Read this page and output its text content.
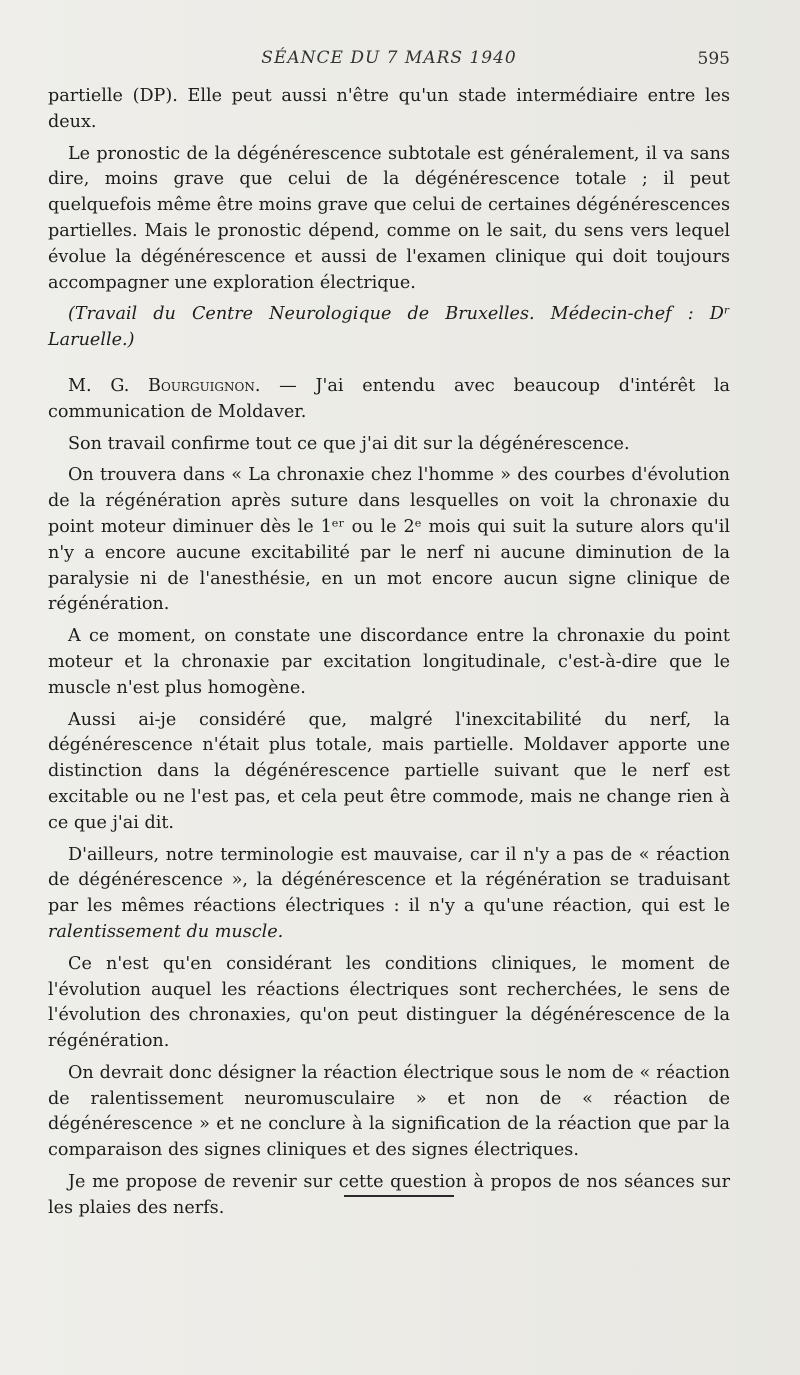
SÉANCE DU 7 MARS 1940	595

partielle (DP). Elle peut aussi n'être qu'un stade intermédiaire entre les deux.

Le pronostic de la dégénérescence subtotale est généralement, il va sans dire, moins grave que celui de la dégénérescence totale ; il peut quelquefois même être moins grave que celui de certaines dégénérescences partielles. Mais le pronostic dépend, comme on le sait, du sens vers lequel évolue la dégénérescence et aussi de l'examen clinique qui doit toujours accompagner une exploration électrique.

(Travail du Centre Neurologique de Bruxelles. Médecin-chef : Dʳ Laruelle.)

M. G. Bourguignon. — J'ai entendu avec beaucoup d'intérêt la communication de Moldaver.

Son travail confirme tout ce que j'ai dit sur la dégénérescence.

On trouvera dans « La chronaxie chez l'homme » des courbes d'évolution de la régénération après suture dans lesquelles on voit la chronaxie du point moteur diminuer dès le 1ᵉʳ ou le 2ᵉ mois qui suit la suture alors qu'il n'y a encore aucune excitabilité par le nerf ni aucune diminution de la paralysie ni de l'anesthésie, en un mot encore aucun signe clinique de régénération.

A ce moment, on constate une discordance entre la chronaxie du point moteur et la chronaxie par excitation longitudinale, c'est-à-dire que le muscle n'est plus homogène.

Aussi ai-je considéré que, malgré l'inexcitabilité du nerf, la dégénérescence n'était plus totale, mais partielle. Moldaver apporte une distinction dans la dégénérescence partielle suivant que le nerf est excitable ou ne l'est pas, et cela peut être commode, mais ne change rien à ce que j'ai dit.

D'ailleurs, notre terminologie est mauvaise, car il n'y a pas de « réaction de dégénérescence », la dégénérescence et la régénération se traduisant par les mêmes réactions électriques : il n'y a qu'une réaction, qui est le ralentissement du muscle.

Ce n'est qu'en considérant les conditions cliniques, le moment de l'évolution auquel les réactions électriques sont recherchées, le sens de l'évolution des chronaxies, qu'on peut distinguer la dégénérescence de la régénération.

On devrait donc désigner la réaction électrique sous le nom de « réaction de ralentissement neuromusculaire » et non de « réaction de dégénérescence » et ne conclure à la signification de la réaction que par la comparaison des signes cliniques et des signes électriques.

Je me propose de revenir sur cette question à propos de nos séances sur les plaies des nerfs.
